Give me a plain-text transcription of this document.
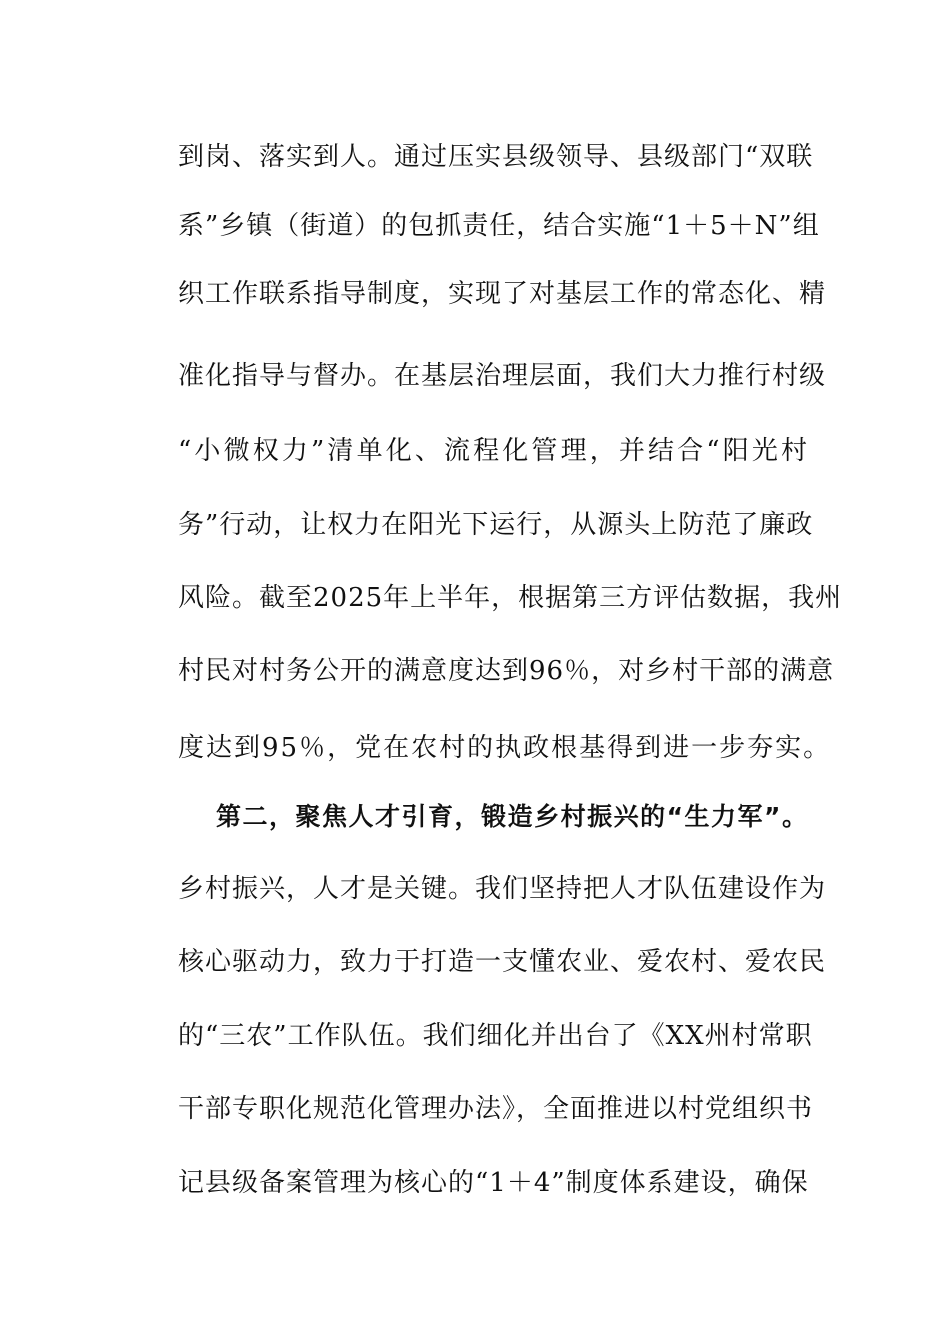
到岗、落实到人。通过压实县级领导、县级部门“双联
系”乡镇（街道）的包抓责任，结合实施“1＋5＋N”组
织工作联系指导制度，实现了对基层工作的常态化、精
准化指导与督办。在基层治理层面，我们大力推行村级
“小微权力”清单化、流程化管理，并结合“阳光村
务”行动，让权力在阳光下运行，从源头上防范了廉政
风险。截至2025年上半年，根据第三方评估数据，我州
村民对村务公开的满意度达到96％，对乡村干部的满意
度达到95％，党在农村的执政根基得到进一步夯实。
第二，聚焦人才引育，锻造乡村振兴的“生力军”。
乡村振兴，人才是关键。我们坚持把人才队伍建设作为
核心驱动力，致力于打造一支懂农业、爱农村、爱农民
的“三农”工作队伍。我们细化并出台了《XX州村常职
干部专职化规范化管理办法》，全面推进以村党组织书
记县级备案管理为核心的“1＋4”制度体系建设，确保
